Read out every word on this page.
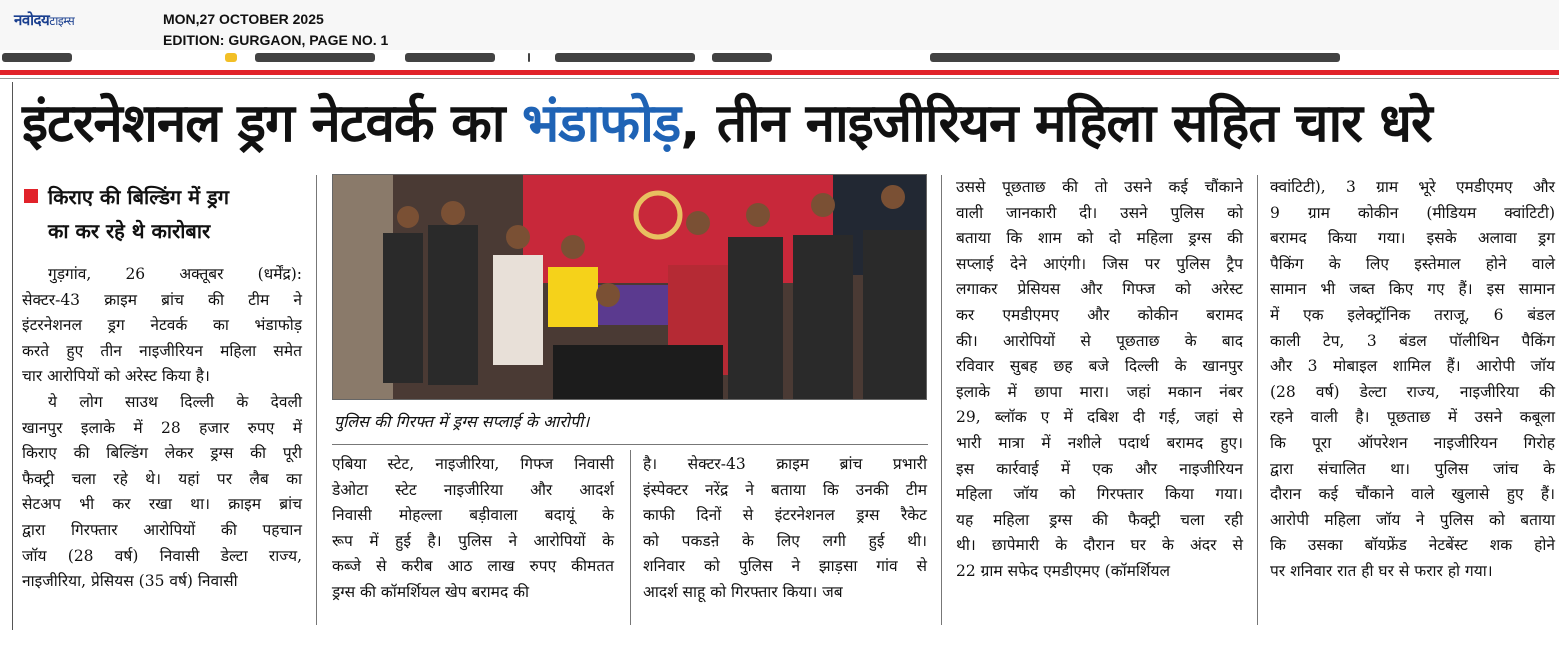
नवोदयटाइम्स	MON,27 OCTOBER 2025
EDITION: GURGAON, PAGE NO. 1
इंटरनेशनल ड्रग नेटवर्क का भंडाफोड़, तीन नाइजीरियन महिला सहित चार धरे
किराए की बिल्डिंग में ड्रग
का कर रहे थे कारोबार
गुड़गांव, 26 अक्तूबर (धर्मेंद्र):
सेक्टर-43 क्राइम ब्रांच की टीम ने
इंटरनेशनल ड्रग नेटवर्क का भंडाफोड़
करते हुए तीन नाइजीरियन महिला समेत
चार आरोपियों को अरेस्ट किया है।
ये लोग साउथ दिल्ली के देवली
खानपुर इलाके में 28 हजार रुपए में
किराए की बिल्डिंग लेकर ड्रग्स की पूरी
फैक्ट्री चला रहे थे। यहां पर लैब का
सेटअप भी कर रखा था। क्राइम ब्रांच
द्वारा गिरफ्तार आरोपियों की पहचान
जॉय (28 वर्ष) निवासी डेल्टा राज्य,
नाइजीरिया, प्रेसियस (35 वर्ष) निवासी
पुलिस की गिरफ्त में ड्रग्स सप्लाई के आरोपी।
एबिया स्टेट, नाइजीरिया, गिफ्ज निवासी
डेओटा स्टेट नाइजीरिया और आदर्श
निवासी मोहल्ला बड़ीवाला बदायूं के
रूप में हुई है। पुलिस ने आरोपियों के
कब्जे से करीब आठ लाख रुपए कीमतत
ड्रग्स की कॉमर्शियल खेप बरामद की
है। सेक्टर-43 क्राइम ब्रांच प्रभारी
इंस्पेक्टर नरेंद्र ने बताया कि उनकी टीम
काफी दिनों से इंटरनेशनल ड्रग्स रैकेट
को पकडऩे के लिए लगी हुई थी।
शनिवार को पुलिस ने झाड़सा गांव से
आदर्श साहू को गिरफ्तार किया। जब
उससे पूछताछ की तो उसने कई चौंकाने
वाली जानकारी दी। उसने पुलिस को
बताया कि शाम को दो महिला ड्रग्स की
सप्लाई देने आएंगी। जिस पर पुलिस ट्रैप
लगाकर प्रेसियस और गिफ्ज को अरेस्ट
कर एमडीएमए और कोकीन बरामद
की। आरोपियों से पूछताछ के बाद
रविवार सुबह छह बजे दिल्ली के खानपुर
इलाके में छापा मारा। जहां मकान नंबर
29, ब्लॉक ए में दबिश दी गई, जहां से
भारी मात्रा में नशीले पदार्थ बरामद हुए।
इस कार्रवाई में एक और नाइजीरियन
महिला जॉय को गिरफ्तार किया गया।
यह महिला ड्रग्स की फैक्ट्री चला रही
थी। छापेमारी के दौरान घर के अंदर से
22 ग्राम सफेद एमडीएमए (कॉमर्शियल
क्वांटिटी), 3 ग्राम भूरे एमडीएमए और
9 ग्राम कोकीन (मीडियम क्वांटिटी)
बरामद किया गया। इसके अलावा ड्रग
पैकिंग के लिए इस्तेमाल होने वाले
सामान भी जब्त किए गए हैं। इस सामान
में एक इलेक्ट्रॉनिक तराजू, 6 बंडल
काली टेप, 3 बंडल पॉलीथिन पैकिंग
और 3 मोबाइल शामिल हैं। आरोपी जॉय
(28 वर्ष) डेल्टा राज्य, नाइजीरिया की
रहने वाली है। पूछताछ में उसने कबूला
कि पूरा ऑपरेशन नाइजीरियन गिरोह
द्वारा संचालित था। पुलिस जांच के
दौरान कई चौंकाने वाले खुलासे हुए हैं।
आरोपी महिला जॉय ने पुलिस को बताया
कि उसका बॉयफ्रेंड नेटबेंस्ट शक होने
पर शनिवार रात ही घर से फरार हो गया।
